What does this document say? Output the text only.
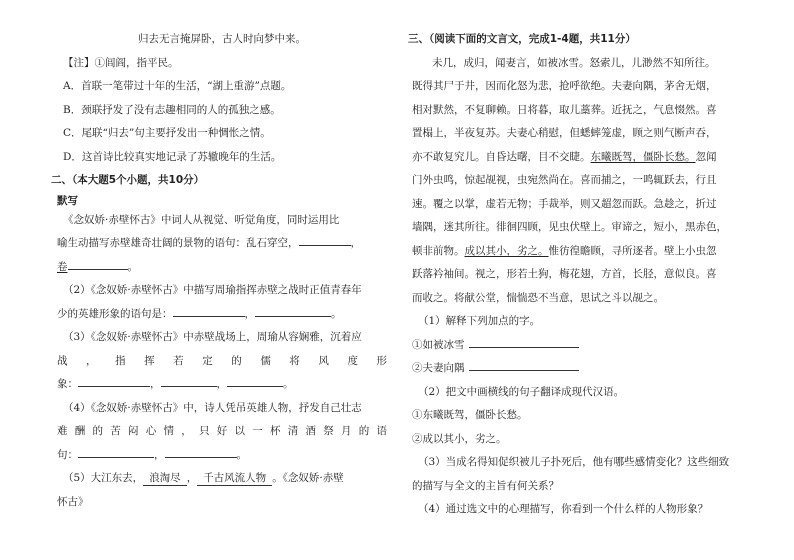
归去无言掩屏卧，古人时向梦中来。

【注】①闾阎，指平民。

A．首联一笔带过十年的生活，“湖上重游”点题。

B．颈联抒发了没有志趣相同的人的孤独之感。

C．尾联“归去”句主要抒发出一种惆怅之情。

D．这首诗比较真实地记录了苏辙晚年的生活。

二、（本大题5个小题，共10分）

默写

《念奴娇·赤壁怀古》中词人从视觉、听觉角度，同时运用比

喻生动描写赤壁雄奇壮阔的景物的语句：乱石穿空，	，

卷	。

（2）《念奴娇·赤壁怀古》中描写周瑜指挥赤壁之战时正值青春年

少的英雄形象的语句是：	，	。

（3）《念奴娇·赤壁怀古》中赤壁战场上，周瑜从容娴雅，沉着应

战，指挥若定的儒将风度形

象：	，	，	。

（4）《念奴娇·赤壁怀古》中，诗人凭吊英雄人物，抒发自己壮志

难酬的苦闷心情，只好以一杯清酒祭月的语

句：	，	。

（5）大江东去， 浪淘尽 ， 千古风流人物 。《念奴娇·赤壁

怀古》

三、（阅读下面的文言文，完成1-4题，共11分）

未几，成归，闻妻言，如被冰雪。怒索儿，儿渺然不知所往。

既得其尸于井，因而化怒为悲，抢呼欲绝。夫妻向隅，茅舍无烟，

相对默然，不复聊赖。日将暮，取儿藁葬。近抚之，气息惙然。喜

置榻上，半夜复苏。夫妻心稍慰，但蟋蟀笼虚，顾之则气断声吞，

亦不敢复究儿。自昏达曙，目不交睫。东曦既驾，僵卧长愁。忽闻

门外虫鸣，惊起觇视，虫宛然尚在。喜而捕之，一鸣辄跃去，行且

速。覆之以掌，虚若无物；手裁举，则又超忽而跃。急趁之，折过

墙隅，迷其所往。徘徊四顾，见虫伏壁上。审谛之，短小，黑赤色，

顿非前物。成以其小，劣之。惟彷徨瞻顾，寻所逐者。壁上小虫忽

跃落衿袖间。视之，形若土狗，梅花翅，方首，长胫，意似良。喜

而收之。将献公堂，惴惴恐不当意，思试之斗以觇之。

（1）解释下列加点的字。

①如被冰雪

②夫妻向隅

（2）把文中画横线的句子翻译成现代汉语。

①东曦既驾，僵卧长愁。

②成以其小，劣之。

（3）当成名得知促织被儿子扑死后，他有哪些感情变化？这些细致

的描写与全文的主旨有何关系？

（4）通过选文中的心理描写，你看到一个什么样的人物形象？
